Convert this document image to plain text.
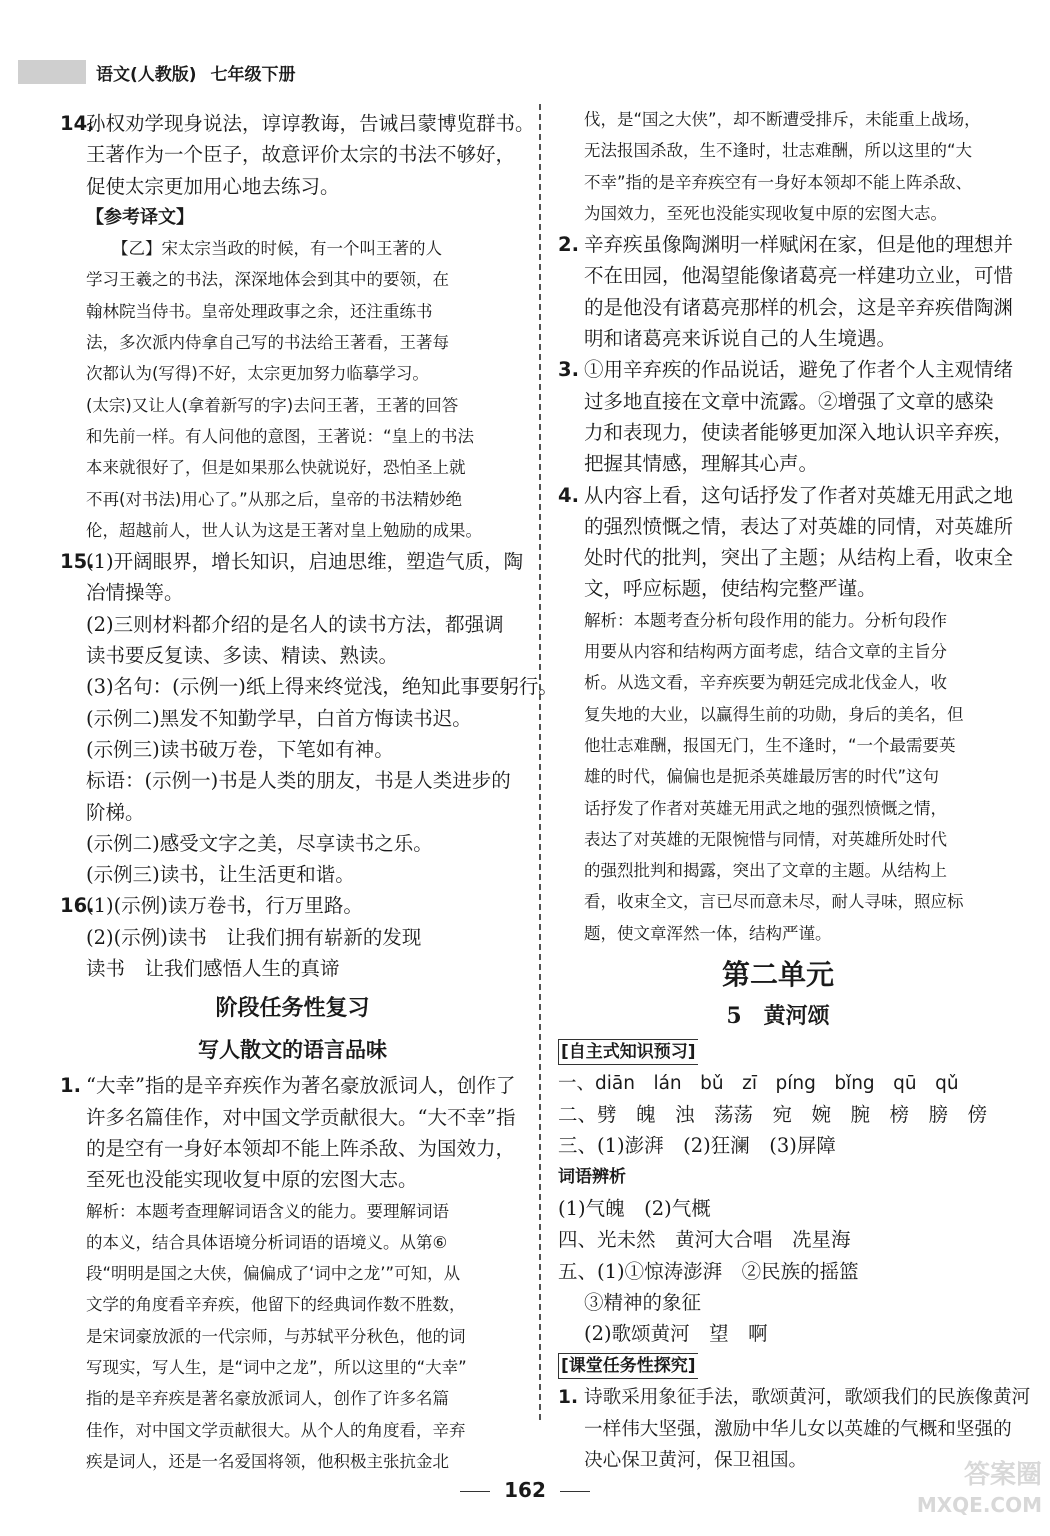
语文(人教版) 七年级下册
14.孙权劝学现身说法，谆谆教诲，告诫吕蒙博览群书。
王著作为一个臣子，故意评价太宗的书法不够好，
促使太宗更加用心地去练习。
【参考译文】
【乙】宋太宗当政的时候，有一个叫王著的人
学习王羲之的书法，深深地体会到其中的要领，在
翰林院当侍书。皇帝处理政事之余，还注重练书
法，多次派内侍拿自己写的书法给王著看，王著每
次都认为(写得)不好，太宗更加努力临摹学习。
(太宗)又让人(拿着新写的字)去问王著，王著的回答
和先前一样。有人问他的意图，王著说：“皇上的书法
本来就很好了，但是如果那么快就说好，恐怕圣上就
不再(对书法)用心了。”从那之后，皇帝的书法精妙绝
伦，超越前人，世人认为这是王著对皇上勉励的成果。
15.(1)开阔眼界，增长知识，启迪思维，塑造气质，陶
冶情操等。
(2)三则材料都介绍的是名人的读书方法，都强调
读书要反复读、多读、精读、熟读。
(3)名句：(示例一)纸上得来终觉浅，绝知此事要躬行。
(示例二)黑发不知勤学早，白首方悔读书迟。
(示例三)读书破万卷，下笔如有神。
标语：(示例一)书是人类的朋友，书是人类进步的
阶梯。
(示例二)感受文字之美，尽享读书之乐。
(示例三)读书，让生活更和谐。
16.(1)(示例)读万卷书，行万里路。
(2)(示例)读书　让我们拥有崭新的发现
读书　让我们感悟人生的真谛
阶段任务性复习
写人散文的语言品味
1. “大幸”指的是辛弃疾作为著名豪放派词人，创作了
许多名篇佳作，对中国文学贡献很大。“大不幸”指
的是空有一身好本领却不能上阵杀敌、为国效力，
至死也没能实现收复中原的宏图大志。
解析：本题考查理解词语含义的能力。要理解词语
的本义，结合具体语境分析词语的语境义。从第⑥
段“明明是国之大侠，偏偏成了‘词中之龙’”可知，从
文学的角度看辛弃疾，他留下的经典词作数不胜数，
是宋词豪放派的一代宗师，与苏轼平分秋色，他的词
写现实，写人生，是“词中之龙”，所以这里的“大幸”
指的是辛弃疾是著名豪放派词人，创作了许多名篇
佳作，对中国文学贡献很大。从个人的角度看，辛弃
疾是词人，还是一名爱国将领，他积极主张抗金北
伐，是“国之大侠”，却不断遭受排斥，未能重上战场，
无法报国杀敌，生不逢时，壮志难酬，所以这里的“大
不幸”指的是辛弃疾空有一身好本领却不能上阵杀敌、
为国效力，至死也没能实现收复中原的宏图大志。
2. 辛弃疾虽像陶渊明一样赋闲在家，但是他的理想并
不在田园，他渴望能像诸葛亮一样建功立业，可惜
的是他没有诸葛亮那样的机会，这是辛弃疾借陶渊
明和诸葛亮来诉说自己的人生境遇。
3. ①用辛弃疾的作品说话，避免了作者个人主观情绪
过多地直接在文章中流露。②增强了文章的感染
力和表现力，使读者能够更加深入地认识辛弃疾，
把握其情感，理解其心声。
4. 从内容上看，这句话抒发了作者对英雄无用武之地
的强烈愤慨之情，表达了对英雄的同情，对英雄所
处时代的批判，突出了主题；从结构上看，收束全
文，呼应标题，使结构完整严谨。
解析：本题考查分析句段作用的能力。分析句段作
用要从内容和结构两方面考虑，结合文章的主旨分
析。从选文看，辛弃疾要为朝廷完成北伐金人，收
复失地的大业，以赢得生前的功勋，身后的美名，但
他壮志难酬，报国无门，生不逢时，“一个最需要英
雄的时代，偏偏也是扼杀英雄最厉害的时代”这句
话抒发了作者对英雄无用武之地的强烈愤慨之情，
表达了对英雄的无限惋惜与同情，对英雄所处时代
的强烈批判和揭露，突出了文章的主题。从结构上
看，收束全文，言已尽而意未尽，耐人寻味，照应标
题，使文章浑然一体，结构严谨。
第二单元
5　黄河颂
[自主式知识预习]
一、diān　lán　bǔ　zī　píng　bǐng　qū　qǔ
二、劈　魄　浊　荡荡　宛　婉　腕　榜　膀　傍
三、(1)澎湃　(2)狂澜　(3)屏障
词语辨析
(1)气魄　(2)气概
四、光未然　黄河大合唱　冼星海
五、(1)①惊涛澎湃　②民族的摇篮
③精神的象征
(2)歌颂黄河　望　啊
[课堂任务性探究]
1. 诗歌采用象征手法，歌颂黄河，歌颂我们的民族像黄河
一样伟大坚强，激励中华儿女以英雄的气概和坚强的
决心保卫黄河，保卫祖国。
162	答案圈
MXQE.COM
